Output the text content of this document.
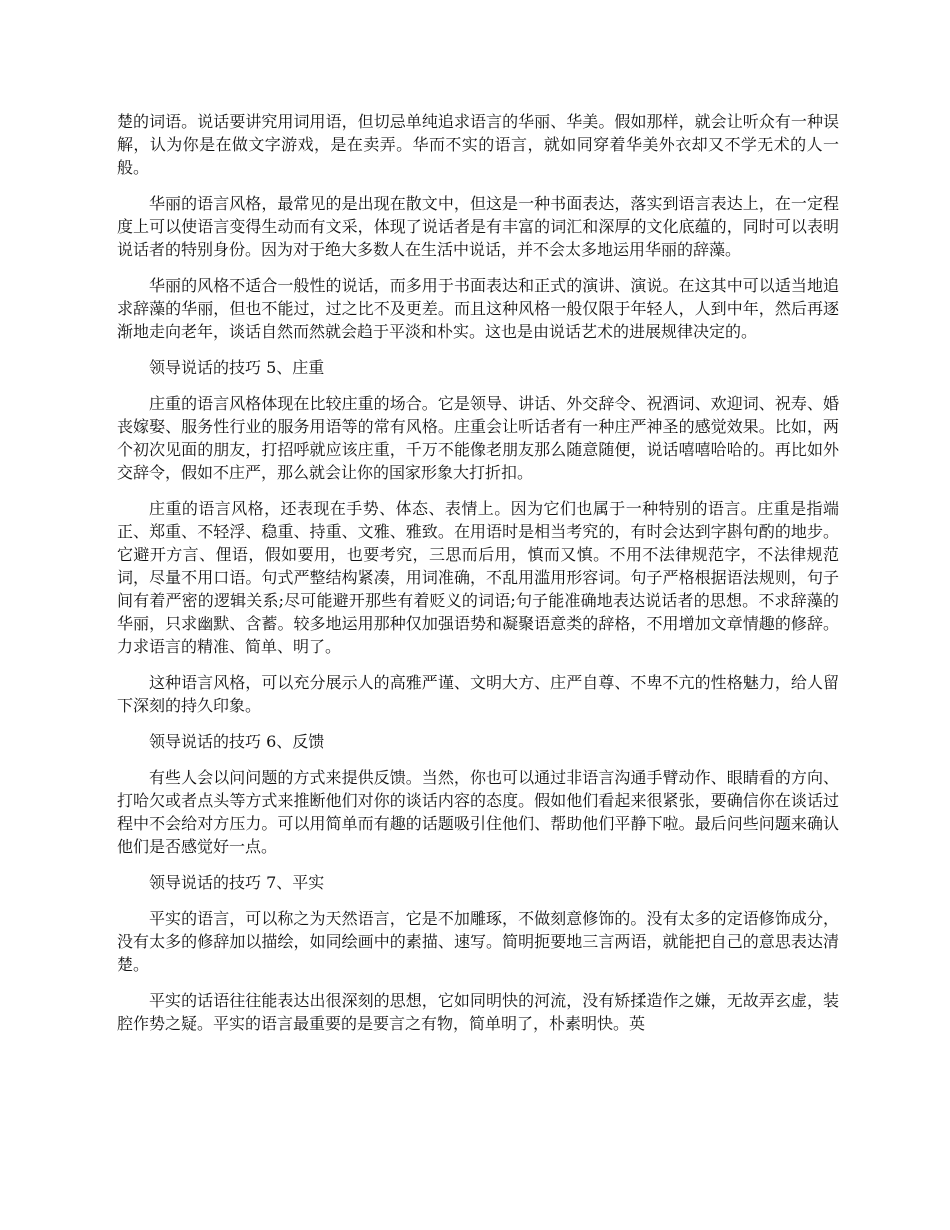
楚的词语。说话要讲究用词用语，但切忌单纯追求语言的华丽、华美。假如那样，就会让听众有一种误解，认为你是在做文字游戏，是在卖弄。华而不实的语言，就如同穿着华美外衣却又不学无术的人一般。

华丽的语言风格，最常见的是出现在散文中，但这是一种书面表达，落实到语言表达上，在一定程度上可以使语言变得生动而有文采，体现了说话者是有丰富的词汇和深厚的文化底蕴的，同时可以表明说话者的特别身份。因为对于绝大多数人在生活中说话，并不会太多地运用华丽的辞藻。

华丽的风格不适合一般性的说话，而多用于书面表达和正式的演讲、演说。在这其中可以适当地追求辞藻的华丽，但也不能过，过之比不及更差。而且这种风格一般仅限于年轻人，人到中年，然后再逐渐地走向老年，谈话自然而然就会趋于平淡和朴实。这也是由说话艺术的进展规律决定的。

领导说话的技巧 5、庄重

庄重的语言风格体现在比较庄重的场合。它是领导、讲话、外交辞令、祝酒词、欢迎词、祝寿、婚丧嫁娶、服务性行业的服务用语等的常有风格。庄重会让听话者有一种庄严神圣的感觉效果。比如，两个初次见面的朋友，打招呼就应该庄重，千万不能像老朋友那么随意随便，说话嘻嘻哈哈的。再比如外交辞令，假如不庄严，那么就会让你的国家形象大打折扣。

庄重的语言风格，还表现在手势、体态、表情上。因为它们也属于一种特别的语言。庄重是指端正、郑重、不轻浮、稳重、持重、文雅、雅致。在用语时是相当考究的，有时会达到字斟句酌的地步。它避开方言、俚语，假如要用，也要考究，三思而后用，慎而又慎。不用不法律规范字，不法律规范词，尽量不用口语。句式严整结构紧凑，用词准确，不乱用滥用形容词。句子严格根据语法规则，句子间有着严密的逻辑关系;尽可能避开那些有着贬义的词语;句子能准确地表达说话者的思想。不求辞藻的华丽，只求幽默、含蓄。较多地运用那种仅加强语势和凝聚语意类的辞格，不用增加文章情趣的修辞。力求语言的精准、简单、明了。

这种语言风格，可以充分展示人的高雅严谨、文明大方、庄严自尊、不卑不亢的性格魅力，给人留下深刻的持久印象。

领导说话的技巧 6、反馈

有些人会以问问题的方式来提供反馈。当然，你也可以通过非语言沟通手臂动作、眼睛看的方向、打哈欠或者点头等方式来推断他们对你的谈话内容的态度。假如他们看起来很紧张，要确信你在谈话过程中不会给对方压力。可以用简单而有趣的话题吸引住他们、帮助他们平静下啦。最后问些问题来确认他们是否感觉好一点。

领导说话的技巧 7、平实

平实的语言，可以称之为天然语言，它是不加雕琢，不做刻意修饰的。没有太多的定语修饰成分，没有太多的修辞加以描绘，如同绘画中的素描、速写。简明扼要地三言两语，就能把自己的意思表达清楚。

平实的话语往往能表达出很深刻的思想，它如同明快的河流，没有矫揉造作之嫌，无故弄玄虚，装腔作势之疑。平实的语言最重要的是要言之有物，简单明了，朴素明快。英
